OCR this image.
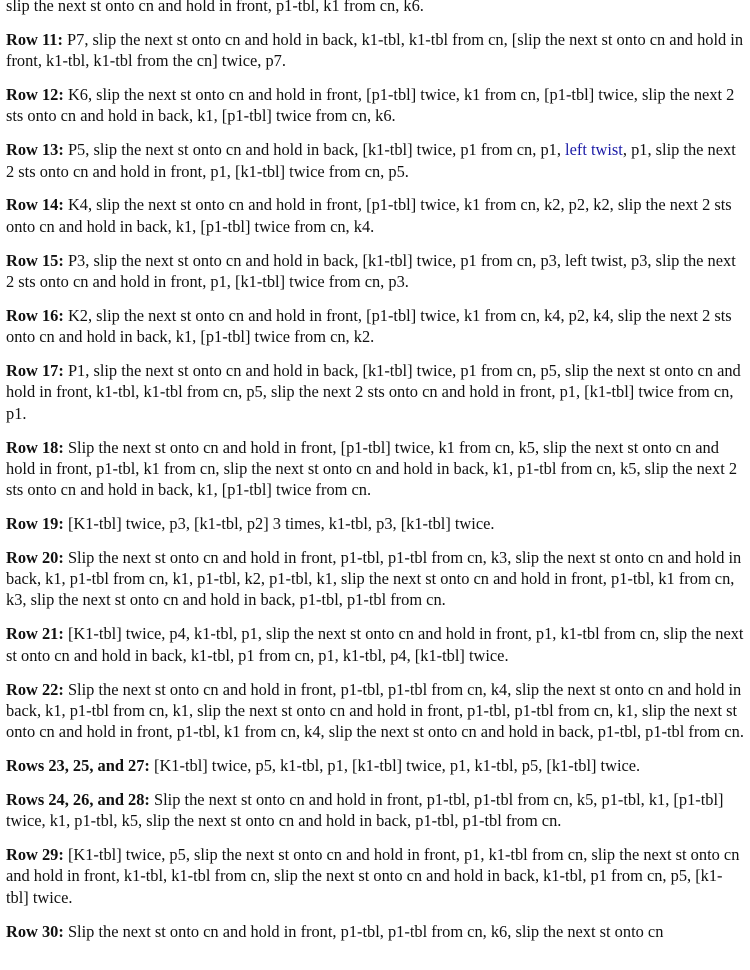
slip the next st onto cn and hold in front, p1-tbl, k1 from cn, k6.

Row 11: P7, slip the next st onto cn and hold in back, k1-tbl, k1-tbl from cn, [slip the next st onto cn and hold in front, k1-tbl, k1-tbl from the cn] twice, p7.

Row 12: K6, slip the next st onto cn and hold in front, [p1-tbl] twice, k1 from cn, [p1-tbl] twice, slip the next 2 sts onto cn and hold in back, k1, [p1-tbl] twice from cn, k6.

Row 13: P5, slip the next st onto cn and hold in back, [k1-tbl] twice, p1 from cn, p1, left twist, p1, slip the next 2 sts onto cn and hold in front, p1, [k1-tbl] twice from cn, p5.

Row 14: K4, slip the next st onto cn and hold in front, [p1-tbl] twice, k1 from cn, k2, p2, k2, slip the next 2 sts onto cn and hold in back, k1, [p1-tbl] twice from cn, k4.

Row 15: P3, slip the next st onto cn and hold in back, [k1-tbl] twice, p1 from cn, p3, left twist, p3, slip the next 2 sts onto cn and hold in front, p1, [k1-tbl] twice from cn, p3.

Row 16: K2, slip the next st onto cn and hold in front, [p1-tbl] twice, k1 from cn, k4, p2, k4, slip the next 2 sts onto cn and hold in back, k1, [p1-tbl] twice from cn, k2.

Row 17: P1, slip the next st onto cn and hold in back, [k1-tbl] twice, p1 from cn, p5, slip the next st onto cn and hold in front, k1-tbl, k1-tbl from cn, p5, slip the next 2 sts onto cn and hold in front, p1, [k1-tbl] twice from cn, p1.

Row 18: Slip the next st onto cn and hold in front, [p1-tbl] twice, k1 from cn, k5, slip the next st onto cn and hold in front, p1-tbl, k1 from cn, slip the next st onto cn and hold in back, k1, p1-tbl from cn, k5, slip the next 2 sts onto cn and hold in back, k1, [p1-tbl] twice from cn.

Row 19: [K1-tbl] twice, p3, [k1-tbl, p2] 3 times, k1-tbl, p3, [k1-tbl] twice.

Row 20: Slip the next st onto cn and hold in front, p1-tbl, p1-tbl from cn, k3, slip the next st onto cn and hold in back, k1, p1-tbl from cn, k1, p1-tbl, k2, p1-tbl, k1, slip the next st onto cn and hold in front, p1-tbl, k1 from cn, k3, slip the next st onto cn and hold in back, p1-tbl, p1-tbl from cn.

Row 21: [K1-tbl] twice, p4, k1-tbl, p1, slip the next st onto cn and hold in front, p1, k1-tbl from cn, slip the next st onto cn and hold in back, k1-tbl, p1 from cn, p1, k1-tbl, p4, [k1-tbl] twice.

Row 22: Slip the next st onto cn and hold in front, p1-tbl, p1-tbl from cn, k4, slip the next st onto cn and hold in back, k1, p1-tbl from cn, k1, slip the next st onto cn and hold in front, p1-tbl, p1-tbl from cn, k1, slip the next st onto cn and hold in front, p1-tbl, k1 from cn, k4, slip the next st onto cn and hold in back, p1-tbl, p1-tbl from cn.

Rows 23, 25, and 27: [K1-tbl] twice, p5, k1-tbl, p1, [k1-tbl] twice, p1, k1-tbl, p5, [k1-tbl] twice.

Rows 24, 26, and 28: Slip the next st onto cn and hold in front, p1-tbl, p1-tbl from cn, k5, p1-tbl, k1, [p1-tbl] twice, k1, p1-tbl, k5, slip the next st onto cn and hold in back, p1-tbl, p1-tbl from cn.

Row 29: [K1-tbl] twice, p5, slip the next st onto cn and hold in front, p1, k1-tbl from cn, slip the next st onto cn and hold in front, k1-tbl, k1-tbl from cn, slip the next st onto cn and hold in back, k1-tbl, p1 from cn, p5, [k1-tbl] twice.

Row 30: Slip the next st onto cn and hold in front, p1-tbl, p1-tbl from cn, k6, slip the next st onto cn
